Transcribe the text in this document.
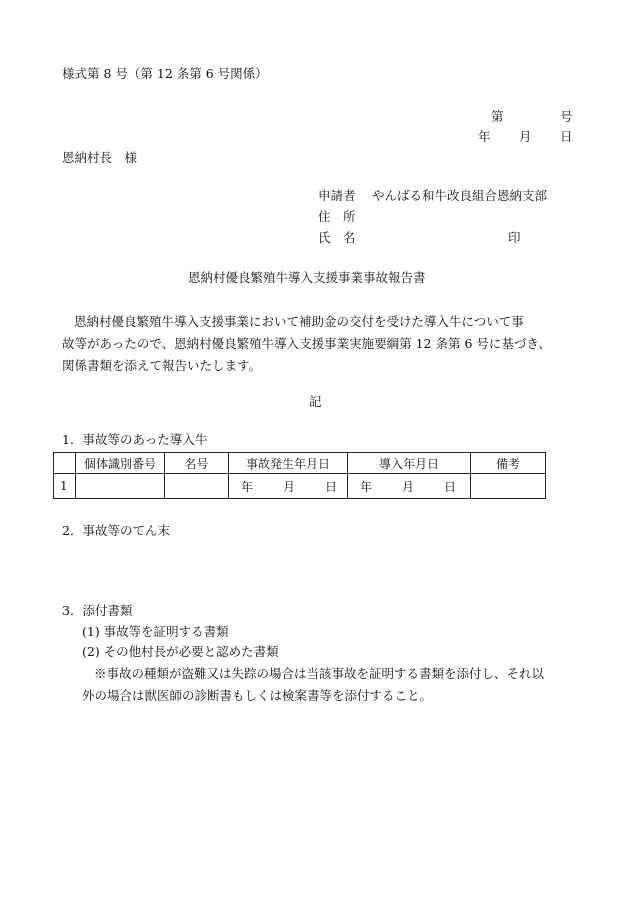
様式第 8 号（第 12 条第 6 号関係）
第	号
年 月 日
恩納村長　様
申請者 やんばる和牛改良組合恩納支部
住　所
氏　名	印
恩納村優良繁殖牛導入支援事業事故報告書
恩納村優良繁殖牛導入支援事業において補助金の交付を受けた導入牛について事
故等があったので、恩納村優良繁殖牛導入支援事業実施要綱第 12 条第 6 号に基づき、
関係書類を添えて報告いたします。
記
1．事故等のあった導入牛
	個体識別番号	名号	事故発生年月日	導入年月日	備考
1			年 月 日	年 月 日	
2．事故等のてん末
3．添付書類
(1) 事故等を証明する書類
(2) その他村長が必要と認めた書類
※事故の種類が盗難又は失踪の場合は当該事故を証明する書類を添付し、それ以
外の場合は獣医師の診断書もしくは検案書等を添付すること。
